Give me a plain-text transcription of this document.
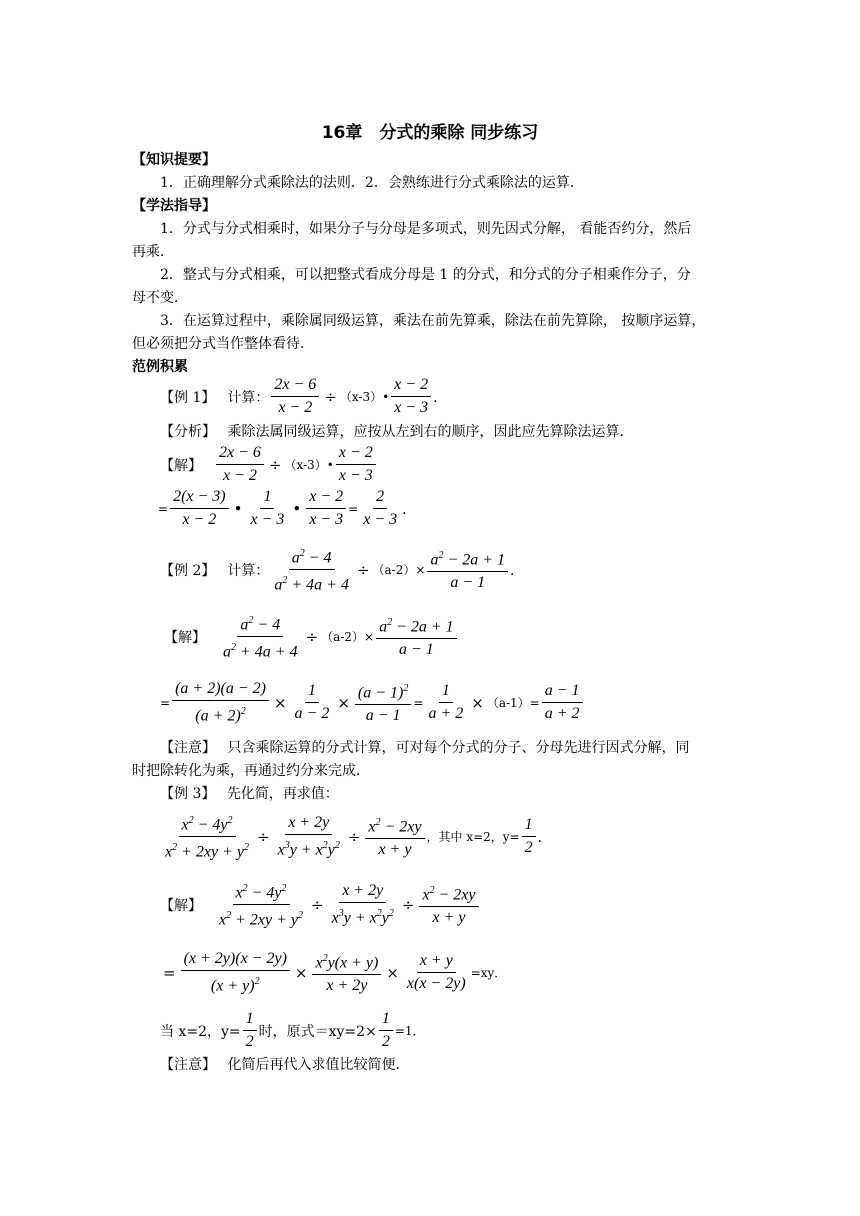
16章　分式的乘除 同步练习
【知识提要】
1．正确理解分式乘除法的法则．2．会熟练进行分式乘除法的运算．
【学法指导】
1．分式与分式相乘时，如果分子与分母是多项式，则先因式分解， 看能否约分，然后
再乘．
2．整式与分式相乘，可以把整式看成分母是 1 的分式，和分式的分子相乘作分子，分
母不变．
3．在运算过程中，乘除属同级运算，乘法在前先算乘，除法在前先算除， 按顺序运算，
但必须把分式当作整体看待．
范例积累
【例 1】 计算： $\frac{2x - 6}{x - 2}$ ÷ （x-3）• $\frac{x - 2}{x - 3}$ ．
【分析】　 乘除法属同级运算，应按从左到右的顺序，因此应先算除法运算．
【解】 $\frac{2x - 6}{x - 2}$ ÷ （x-3）• $\frac{x - 2}{x - 3}$
= $\frac{2(x - 3)}{x - 2}$ • $\frac{1}{x - 3}$ • $\frac{x - 2}{x - 3} = \frac{2}{x - 3}$ ．
【例 2】 计算： $\frac{a^2 - 4}{a^2 + 4a + 4} \div (a-2)\times \frac{a^2 - 2a + 1}{a - 1}$ ．
【解】 $\frac{a^2 - 4}{a^2 + 4a + 4} \div (a-2)\times \frac{a^2 - 2a + 1}{a - 1}$
= $\frac{(a + 2)(a - 2)}{(a + 2)^2} \times \frac{1}{a - 2} \times \frac{(a - 1)^2}{a - 1} = \frac{1}{a + 2} \times (a-1)= \frac{a - 1}{a + 2}$
【注意】　 只含乘除运算的分式计算，可对每个分式的分子、分母先进行因式分解，同
时把除转化为乘，再通过约分来完成．
【例 3】　 先化简，再求值：
$\frac{x^2 - 4y^2}{x^2 + 2xy + y^2} \div \frac{x + 2y}{x^3y + x^2y^2} \div \frac{x^2 - 2xy}{x + y}$ ，其中 x=2，$y= \frac{1}{2}$ ．
【解】 $\frac{x^2 - 4y^2}{x^2 + 2xy + y^2} \div \frac{x + 2y}{x^3y + x^2y^2} \div \frac{x^2 - 2xy}{x + y}$
= $\frac{(x + 2y)(x - 2y)}{(x + y)^2} \times \frac{x^2y(x + y)}{x + 2y} \times \frac{x + y}{x(x - 2y)} =xy$．
当 x=2，$y= \frac{1}{2}$ 时，原式$=xy=2\times \frac{1}{2} =1$．
【注意】　 化简后再代入求值比较简便．
